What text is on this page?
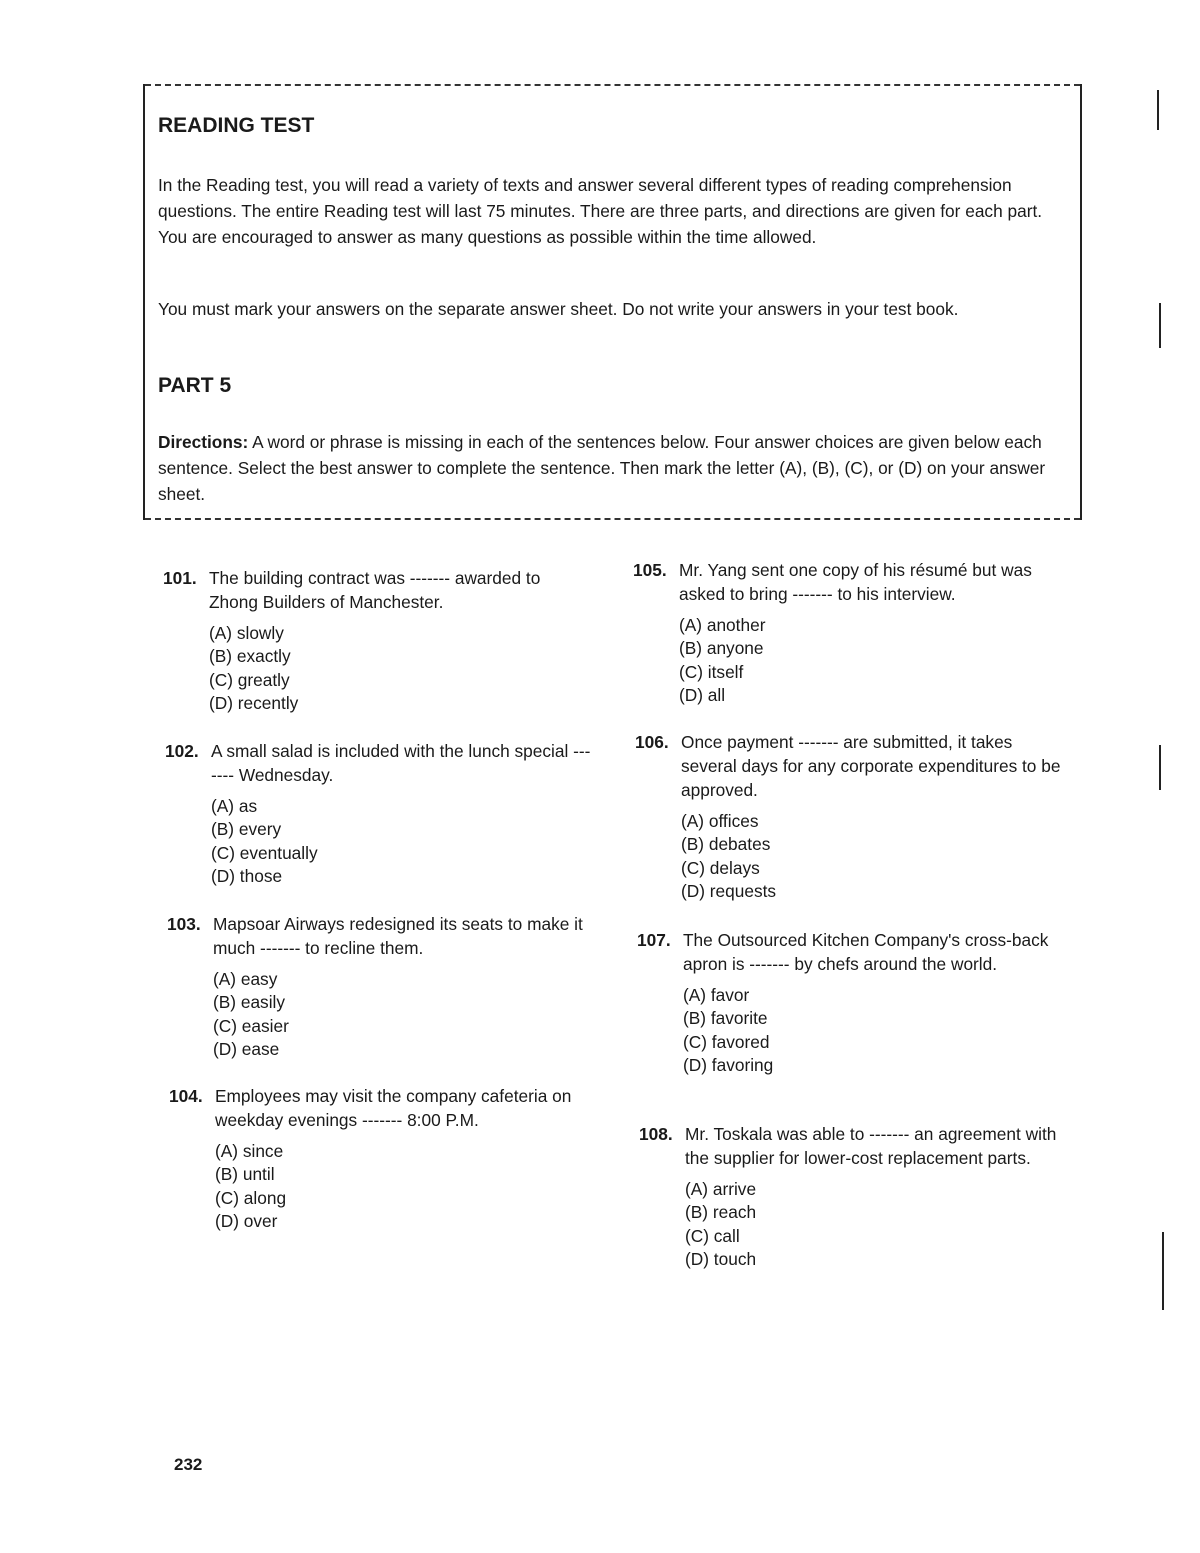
READING TEST

In the Reading test, you will read a variety of texts and answer several different types of reading comprehension questions. The entire Reading test will last 75 minutes. There are three parts, and directions are given for each part. You are encouraged to answer as many questions as possible within the time allowed.

You must mark your answers on the separate answer sheet. Do not write your answers in your test book.

PART 5

Directions: A word or phrase is missing in each of the sentences below. Four answer choices are given below each sentence. Select the best answer to complete the sentence. Then mark the letter (A), (B), (C), or (D) on your answer sheet.

101. The building contract was ------- awarded to Zhong Builders of Manchester.
(A) slowly
(B) exactly
(C) greatly
(D) recently
102. A small salad is included with the lunch special ------- Wednesday.
(A) as
(B) every
(C) eventually
(D) those
103. Mapsoar Airways redesigned its seats to make it much ------- to recline them.
(A) easy
(B) easily
(C) easier
(D) ease
104. Employees may visit the company cafeteria on weekday evenings ------- 8:00 P.M.
(A) since
(B) until
(C) along
(D) over
105. Mr. Yang sent one copy of his résumé but was asked to bring ------- to his interview.
(A) another
(B) anyone
(C) itself
(D) all
106. Once payment ------- are submitted, it takes several days for any corporate expenditures to be approved.
(A) offices
(B) debates
(C) delays
(D) requests
107. The Outsourced Kitchen Company's cross-back apron is ------- by chefs around the world.
(A) favor
(B) favorite
(C) favored
(D) favoring
108. Mr. Toskala was able to ------- an agreement with the supplier for lower-cost replacement parts.
(A) arrive
(B) reach
(C) call
(D) touch
232
